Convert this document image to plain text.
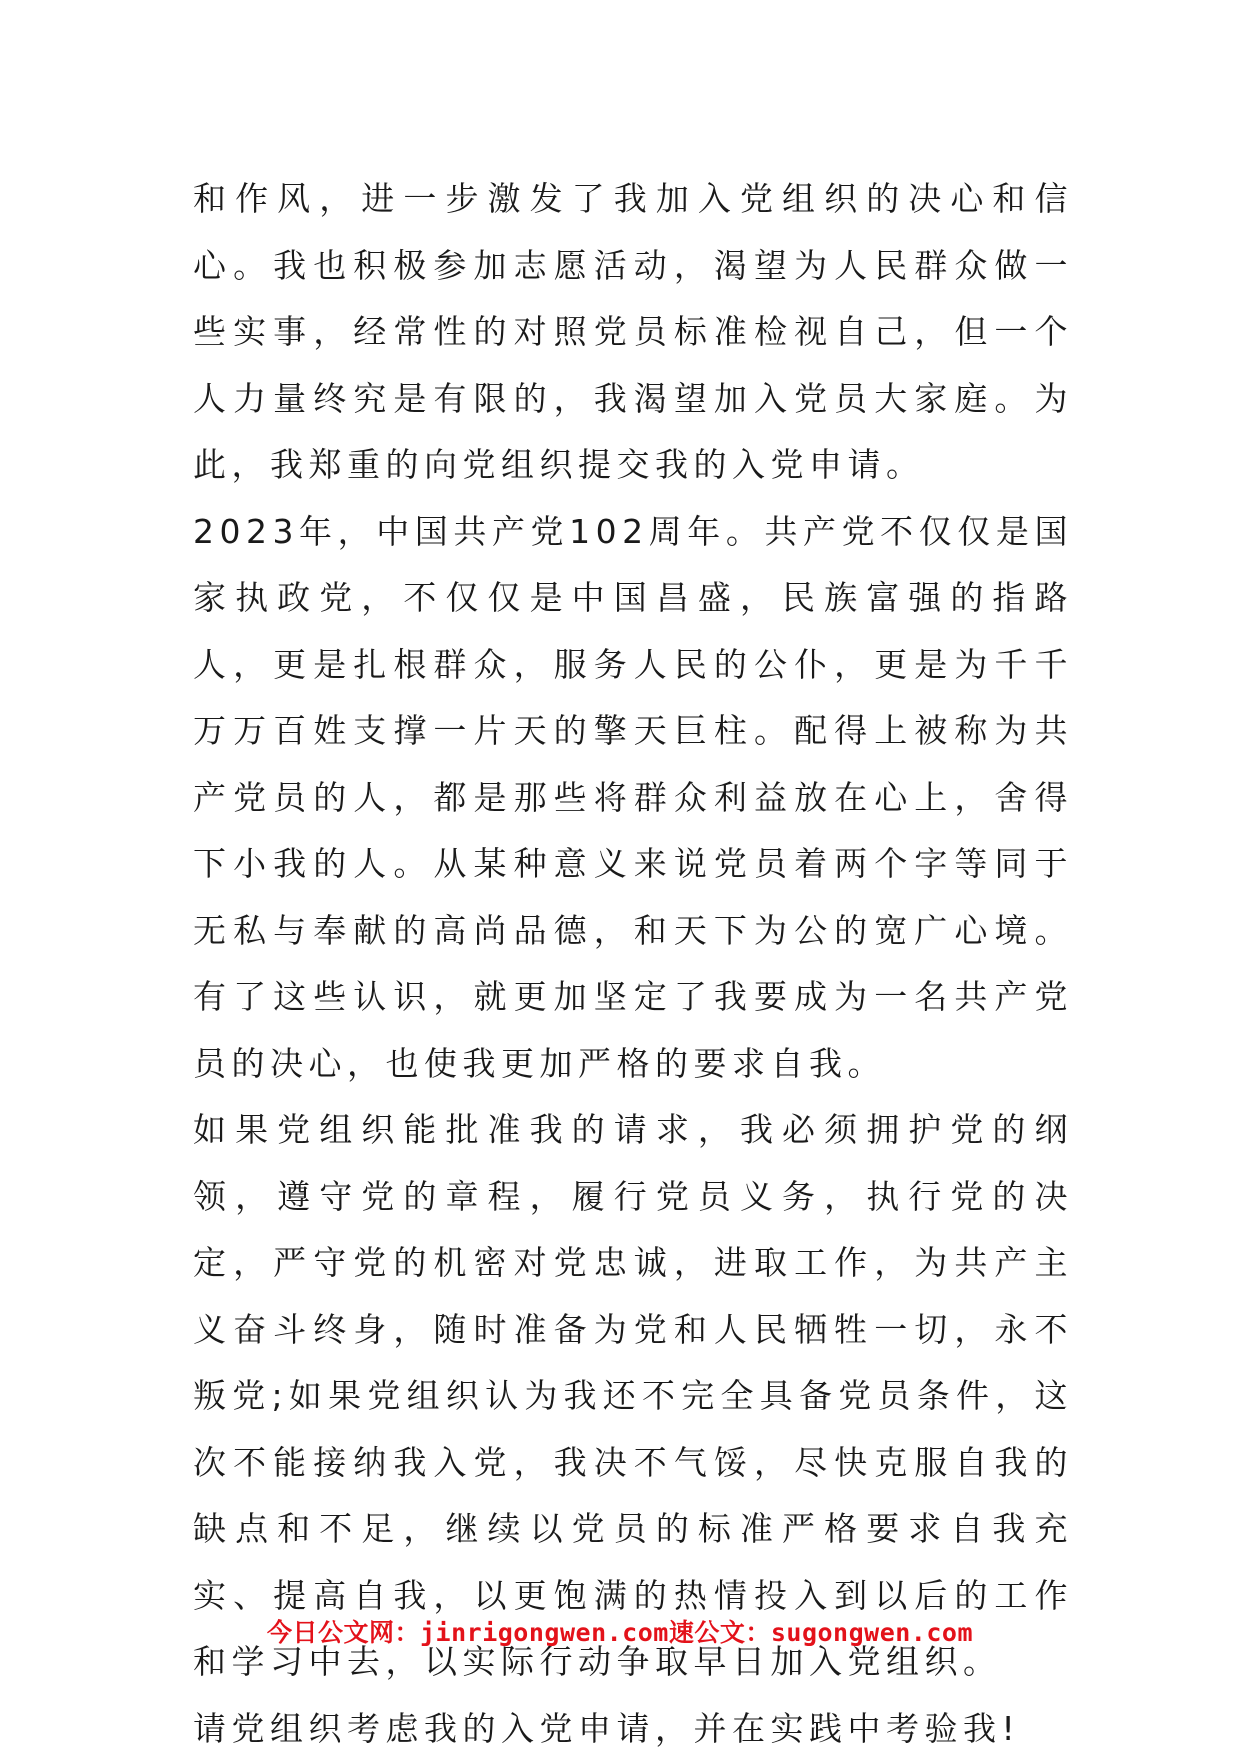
和作风，进一步激发了我加入党组织的决心和信心。我也积极参加志愿活动，渴望为人民群众做一些实事，经常性的对照党员标准检视自己，但一个人力量终究是有限的，我渴望加入党员大家庭。为此，我郑重的向党组织提交我的入党申请。

2023年，中国共产党102周年。共产党不仅仅是国家执政党，不仅仅是中国昌盛，民族富强的指路人，更是扎根群众，服务人民的公仆，更是为千千万万百姓支撑一片天的擎天巨柱。配得上被称为共产党员的人，都是那些将群众利益放在心上，舍得下小我的人。从某种意义来说党员着两个字等同于无私与奉献的高尚品德，和天下为公的宽广心境。有了这些认识，就更加坚定了我要成为一名共产党员的决心，也使我更加严格的要求自我。

如果党组织能批准我的请求，我必须拥护党的纲领，遵守党的章程，履行党员义务，执行党的决定，严守党的机密对党忠诚，进取工作，为共产主义奋斗终身，随时准备为党和人民牺牲一切，永不叛党;如果党组织认为我还不完全具备党员条件，这次不能接纳我入党，我决不气馁，尽快克服自我的缺点和不足，继续以党员的标准严格要求自我充实、提高自我，以更饱满的热情投入到以后的工作和学习中去，以实际行动争取早日加入党组织。

请党组织考虑我的入党申请，并在实践中考验我!

今日公文网：jinrigongwen.com速公文：sugongwen.com
